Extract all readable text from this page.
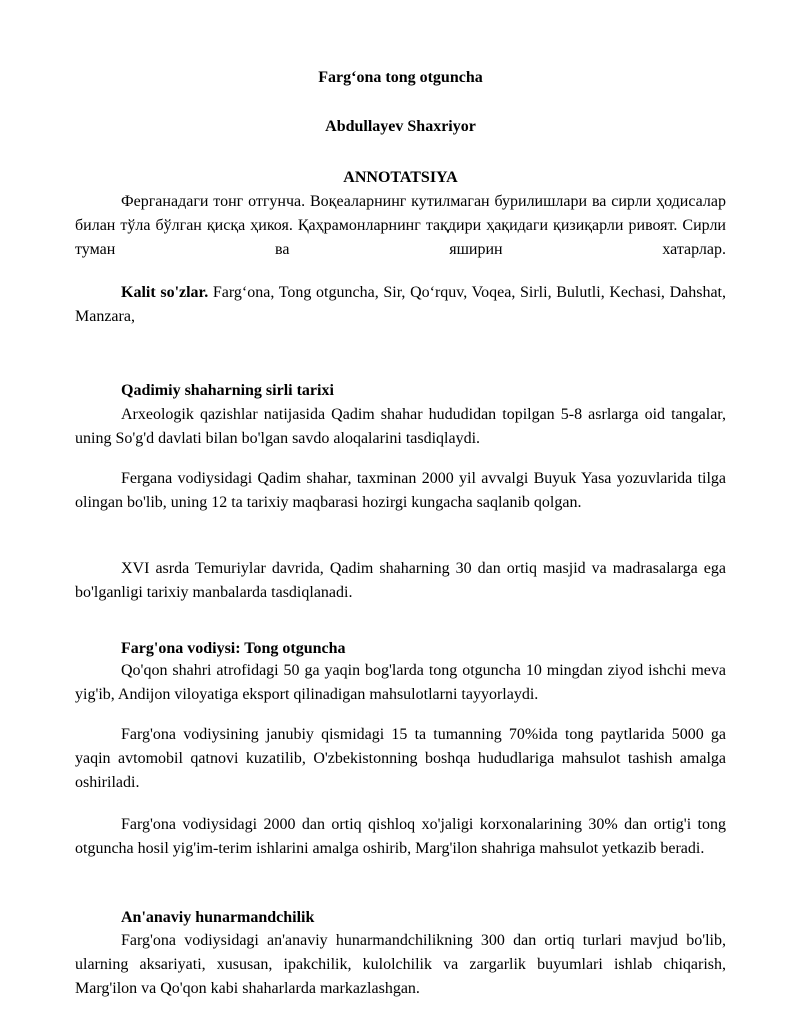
Farg‘ona tong otguncha

Abdullayev Shaxriyor

ANNOTATSIYA

Ферганадаги тонг отгунча. Воқеаларнинг кутилмаган бурилишлари ва сирли ҳодисалар билан тўла бўлган қисқа ҳикоя. Қаҳрамонларнинг тақдири ҳақидаги қизиқарли ривоят. Сирли туман ва яширин хатарлар.

Kalit so'zlar. Farg‘ona, Tong otguncha, Sir, Qo‘rquv, Voqea, Sirli, Bulutli, Kechasi, Dahshat, Manzara,

Qadimiy shaharning sirli tarixi

Arxeologik qazishlar natijasida Qadim shahar hududidan topilgan 5-8 asrlarga oid tangalar, uning So'g'd davlati bilan bo'lgan savdo aloqalarini tasdiqlaydi.

Fergana vodiysidagi Qadim shahar, taxminan 2000 yil avvalgi Buyuk Yasa yozuvlarida tilga olingan bo'lib, uning 12 ta tarixiy maqbarasi hozirgi kungacha saqlanib qolgan.

XVI asrda Temuriylar davrida, Qadim shaharning 30 dan ortiq masjid va madrasalarga ega bo'lganligi tarixiy manbalarda tasdiqlanadi.

Farg'ona vodiysi: Tong otguncha

Qo'qon shahri atrofidagi 50 ga yaqin bog'larda tong otguncha 10 mingdan ziyod ishchi meva yig'ib, Andijon viloyatiga eksport qilinadigan mahsulotlarni tayyorlaydi.

Farg'ona vodiysining janubiy qismidagi 15 ta tumanning 70%ida tong paytlarida 5000 ga yaqin avtomobil qatnovi kuzatilib, O'zbekistonning boshqa hududlariga mahsulot tashish amalga oshiriladi.

Farg'ona vodiysidagi 2000 dan ortiq qishloq xo'jaligi korxonalarining 30% dan ortig'i tong otguncha hosil yig'im-terim ishlarini amalga oshirib, Marg'ilon shahriga mahsulot yetkazib beradi.

An'anaviy hunarmandchilik

Farg'ona vodiysidagi an'anaviy hunarmandchilikning 300 dan ortiq turlari mavjud bo'lib, ularning aksariyati, xususan, ipakchilik, kulolchilik va zargarlik buyumlari ishlab chiqarish, Marg'ilon va Qo'qon kabi shaharlarda markazlashgan.
